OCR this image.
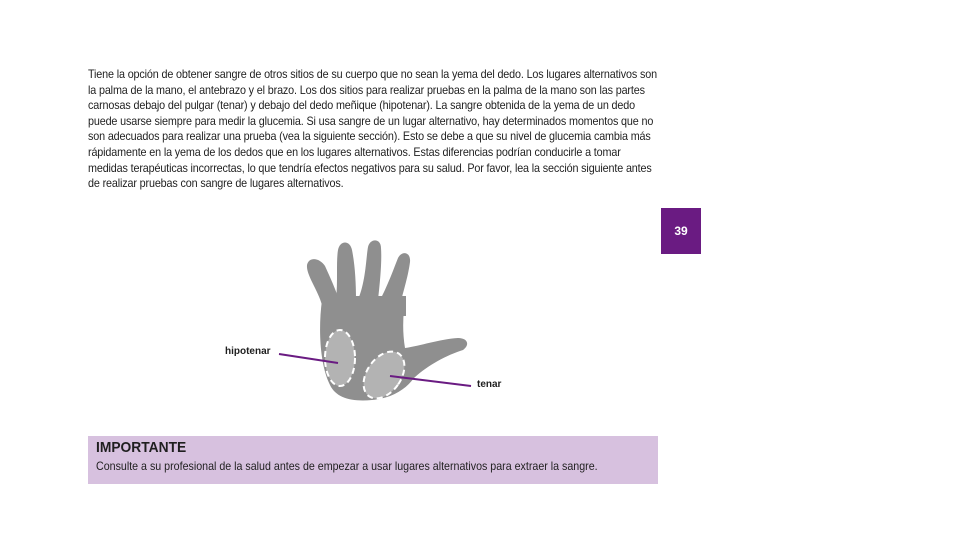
Tiene la opción de obtener sangre de otros sitios de su cuerpo que no sean la yema del dedo. Los lugares alternativos son la palma de la mano, el antebrazo y el brazo. Los dos sitios para realizar pruebas en la palma de la mano son las partes carnosas debajo del pulgar (tenar) y debajo del dedo meñique (hipotenar). La sangre obtenida de la yema de un dedo puede usarse siempre para medir la glucemia. Si usa sangre de un lugar alternativo, hay determinados momentos que no son adecuados para realizar una prueba (vea la siguiente sección). Esto se debe a que su nivel de glucemia cambia más rápidamente en la yema de los dedos que en los lugares alternativos. Estas diferencias podrían conducirle a tomar medidas terapéuticas incorrectas, lo que tendría efectos negativos para su salud. Por favor, lea la sección siguiente antes de realizar pruebas con sangre de lugares alternativos.
39
hipotenar
tenar
IMPORTANTE
Consulte a su profesional de la salud antes de empezar a usar lugares alternativos para extraer la sangre.
